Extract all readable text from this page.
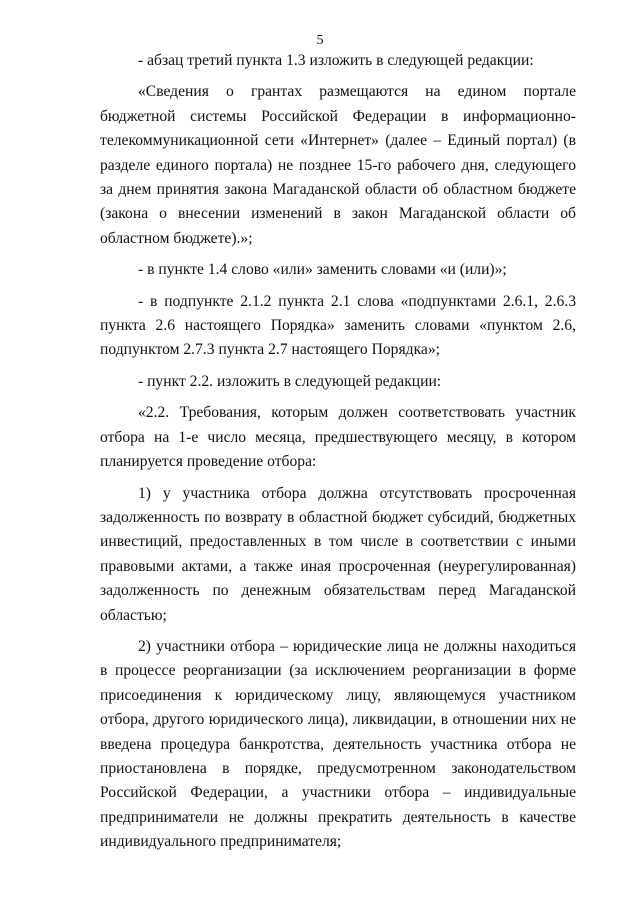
5

- абзац третий пункта 1.3 изложить в следующей редакции:

«Сведения о грантах размещаются на едином портале бюджетной системы Российской Федерации в информационно-телекоммуникационной сети «Интернет» (далее – Единый портал) (в разделе единого портала) не позднее 15-го рабочего дня, следующего за днем принятия закона Магаданской области об областном бюджете (закона о внесении изменений в закон Магаданской области об областном бюджете).»;

- в пункте 1.4 слово «или» заменить словами «и (или)»;

- в подпункте 2.1.2 пункта 2.1 слова «подпунктами 2.6.1, 2.6.3 пункта 2.6 настоящего Порядка» заменить словами «пунктом 2.6, подпунктом 2.7.3 пункта 2.7 настоящего Порядка»;

- пункт 2.2. изложить в следующей редакции:

«2.2. Требования, которым должен соответствовать участник отбора на 1-е число месяца, предшествующего месяцу, в котором планируется проведение отбора:

1) у участника отбора должна отсутствовать просроченная задолженность по возврату в областной бюджет субсидий, бюджетных инвестиций, предоставленных в том числе в соответствии с иными правовыми актами, а также иная просроченная (неурегулированная) задолженность по денежным обязательствам перед Магаданской областью;

2) участники отбора – юридические лица не должны находиться в процессе реорганизации (за исключением реорганизации в форме присоединения к юридическому лицу, являющемуся участником отбора, другого юридического лица), ликвидации, в отношении них не введена процедура банкротства, деятельность участника отбора не приостановлена в порядке, предусмотренном законодательством Российской Федерации, а участники отбора – индивидуальные предприниматели не должны прекратить деятельность в качестве индивидуального предпринимателя;
